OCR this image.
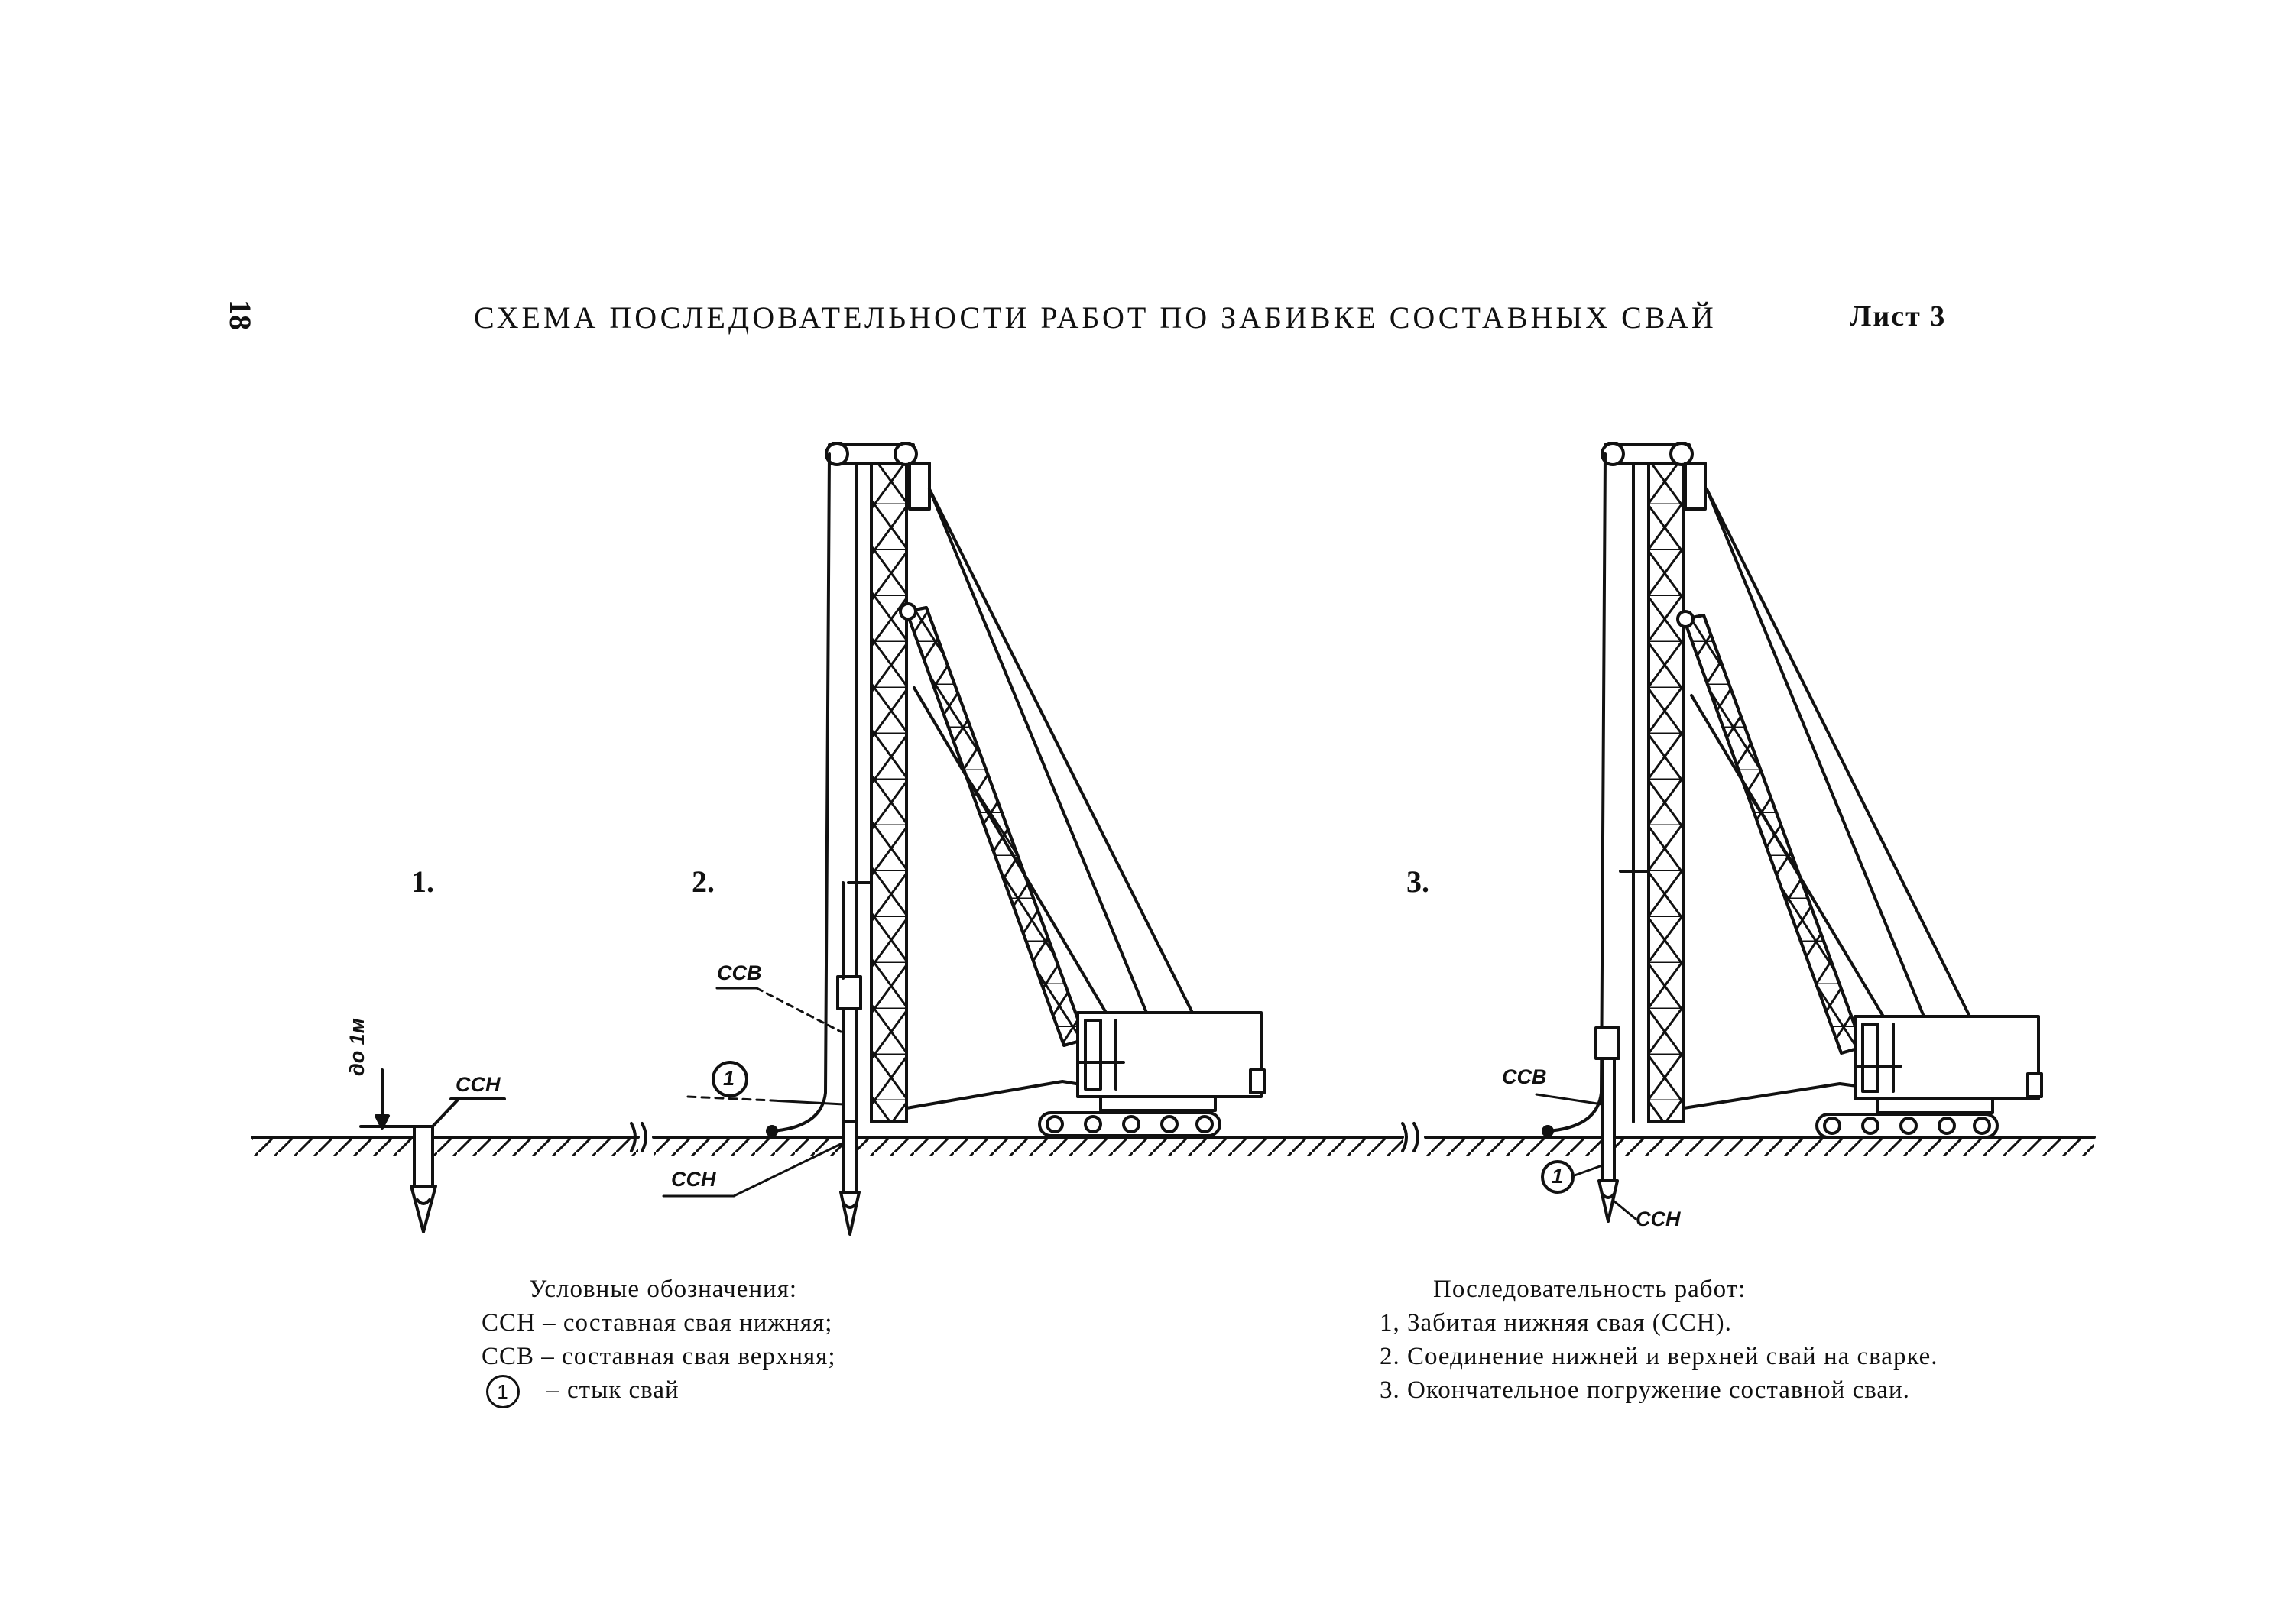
18	СХЕМА ПОСЛЕДОВАТЕЛЬНОСТИ РАБОТ ПО ЗАБИВКЕ СОСТАВНЫХ СВАЙ	Лист 3
1.	2.	3.
до 1м
ССН
ССВ
1
ССН
ССВ
1
ССН
Условные обозначения:
ССН – составная свая нижняя;
ССВ – составная свая верхняя;
1 – стык свай
Последовательность работ:
1, Забитая нижняя свая (ССН).
2. Соединение нижней и верхней свай на сварке.
3. Окончательное погружение составной сваи.
